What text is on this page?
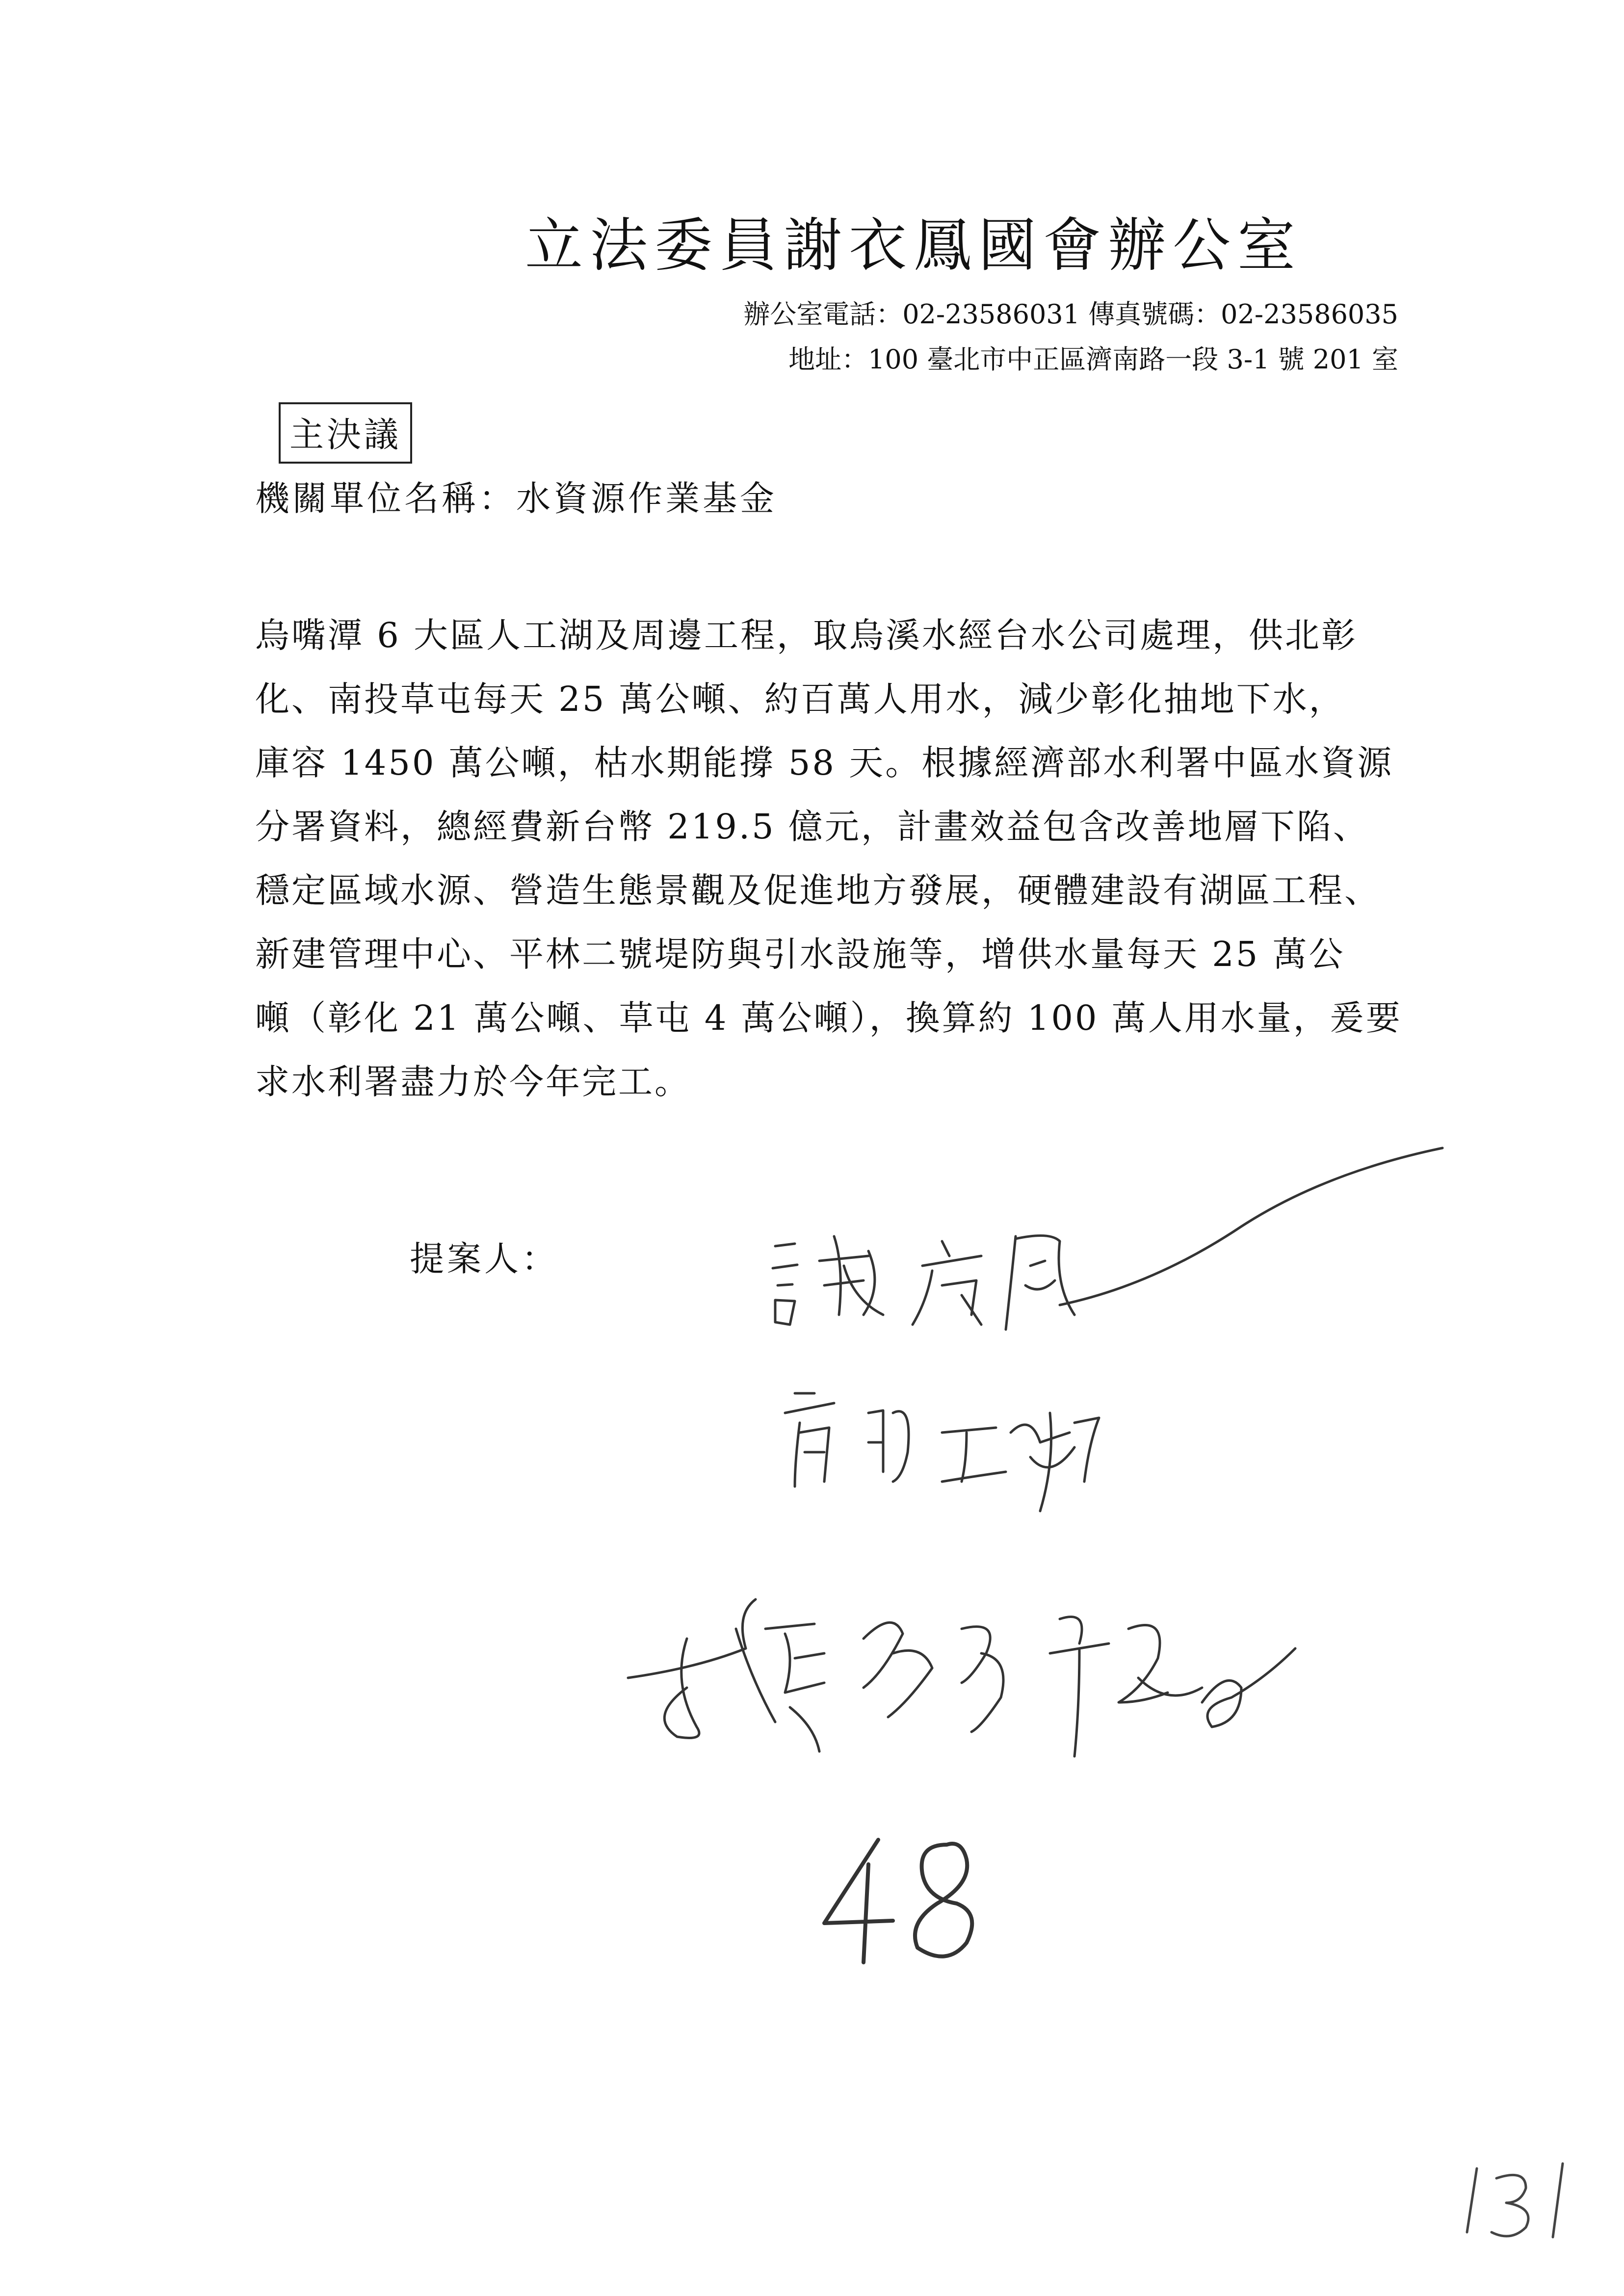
立法委員謝衣鳳國會辦公室
辦公室電話：02-23586031 傳真號碼：02-23586035
地址：100 臺北市中正區濟南路一段 3-1 號 201 室
主決議
機關單位名稱：水資源作業基金
烏嘴潭 6 大區人工湖及周邊工程，取烏溪水經台水公司處理，供北彰
化、南投草屯每天 25 萬公噸、約百萬人用水，減少彰化抽地下水，
庫容 1450 萬公噸，枯水期能撐 58 天。根據經濟部水利署中區水資源
分署資料，總經費新台幣 219.5 億元，計畫效益包含改善地層下陷、
穩定區域水源、營造生態景觀及促進地方發展，硬體建設有湖區工程、
新建管理中心、平林二號堤防與引水設施等，增供水量每天 25 萬公
噸（彰化 21 萬公噸、草屯 4 萬公噸），換算約 100 萬人用水量，爰要
求水利署盡力於今年完工。
提案人：
